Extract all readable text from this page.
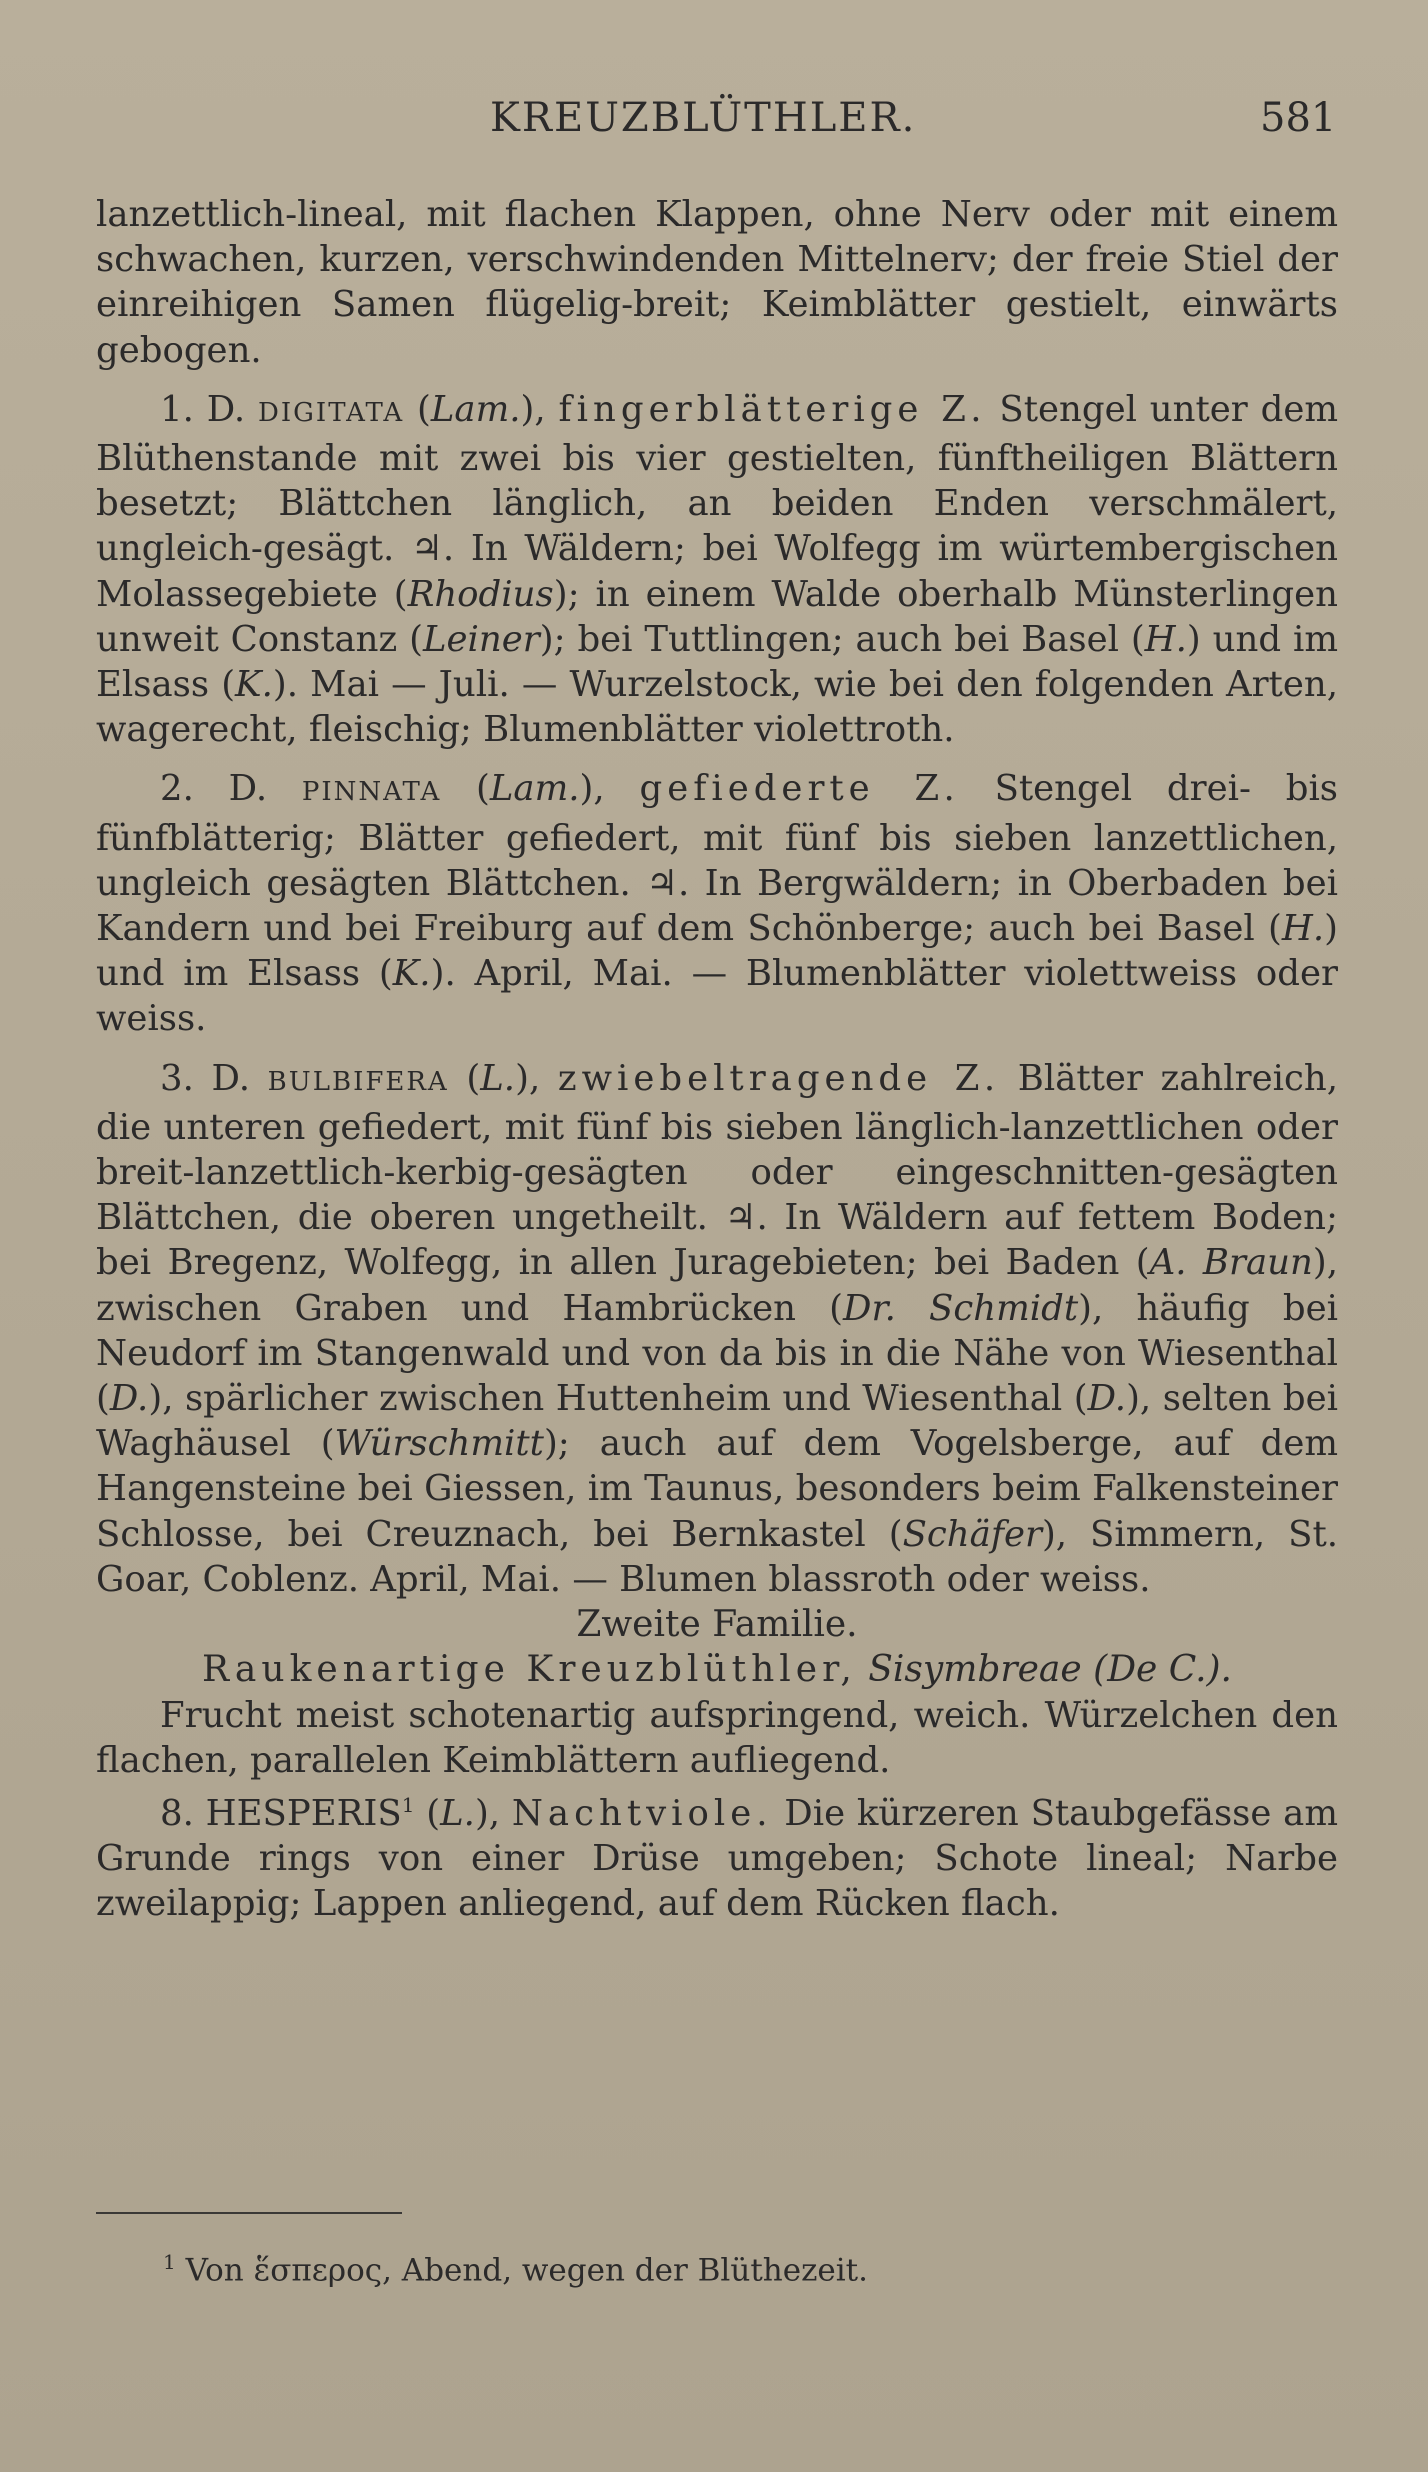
KREUZBLÜTHLER.	581

lanzettlich-lineal, mit flachen Klappen, ohne Nerv oder mit einem schwachen, kurzen, verschwindenden Mittelnerv; der freie Stiel der einreihigen Samen flügelig-breit; Keimblätter gestielt, einwärts gebogen.

1. D. DIGITATA (Lam.), fingerblätterige Z. Stengel unter dem Blüthenstande mit zwei bis vier gestielten, fünftheiligen Blättern besetzt; Blättchen länglich, an beiden Enden verschmälert, ungleich-gesägt. ♃. In Wäldern; bei Wolfegg im würtembergischen Molassegebiete (Rhodius); in einem Walde oberhalb Münsterlingen unweit Constanz (Leiner); bei Tuttlingen; auch bei Basel (H.) und im Elsass (K.). Mai — Juli. — Wurzelstock, wie bei den folgenden Arten, wagerecht, fleischig; Blumenblätter violettroth.

2. D. PINNATA (Lam.), gefiederte Z. Stengel drei- bis fünfblätterig; Blätter gefiedert, mit fünf bis sieben lanzettlichen, ungleich gesägten Blättchen. ♃. In Bergwäldern; in Oberbaden bei Kandern und bei Freiburg auf dem Schönberge; auch bei Basel (H.) und im Elsass (K.). April, Mai. — Blumenblätter violettweiss oder weiss.

3. D. BULBIFERA (L.), zwiebeltragende Z. Blätter zahlreich, die unteren gefiedert, mit fünf bis sieben länglich-lanzettlichen oder breit-lanzettlich-kerbig-gesägten oder eingeschnitten-gesägten Blättchen, die oberen ungetheilt. ♃. In Wäldern auf fettem Boden; bei Bregenz, Wolfegg, in allen Juragebieten; bei Baden (A. Braun), zwischen Graben und Hambrücken (Dr. Schmidt), häufig bei Neudorf im Stangenwald und von da bis in die Nähe von Wiesenthal (D.), spärlicher zwischen Huttenheim und Wiesenthal (D.), selten bei Waghäusel (Würschmitt); auch auf dem Vogelsberge, auf dem Hangensteine bei Giessen, im Taunus, besonders beim Falkensteiner Schlosse, bei Creuznach, bei Bernkastel (Schäfer), Simmern, St. Goar, Coblenz. April, Mai. — Blumen blassroth oder weiss.

Zweite Familie.

Raukenartige Kreuzblüthler, Sisymbreae (De C.).

Frucht meist schotenartig aufspringend, weich. Würzelchen den flachen, parallelen Keimblättern aufliegend.

8. HESPERIS$^1$ (L.), Nachtviole. Die kürzeren Staubgefässe am Grunde rings von einer Drüse umgeben; Schote lineal; Narbe zweilappig; Lappen anliegend, auf dem Rücken flach.

$^1$ Von ἕσπερος, Abend, wegen der Blüthezeit.
